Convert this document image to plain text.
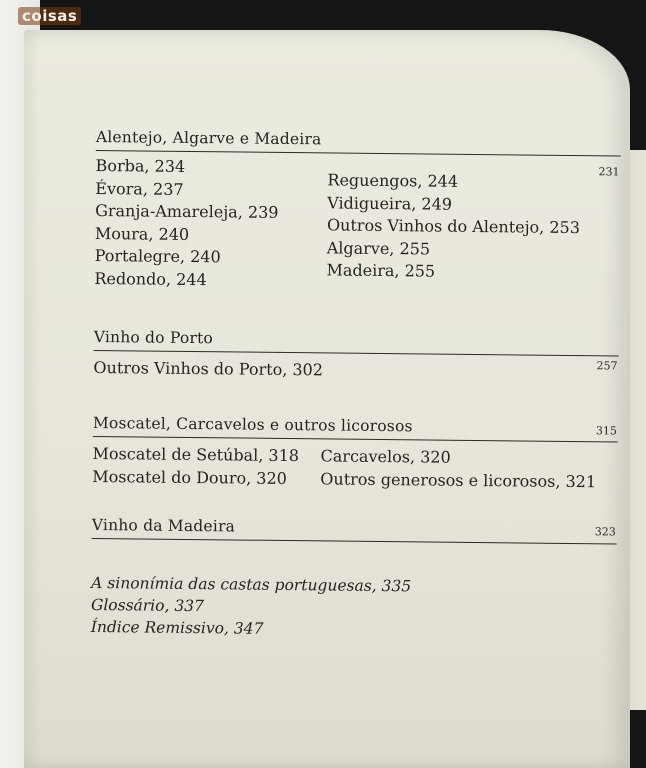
coisas
Alentejo, Algarve e Madeira
231
Borba, 234
Évora, 237
Granja-Amareleja, 239
Moura, 240
Portalegre, 240
Redondo, 244
Reguengos, 244
Vidigueira, 249
Outros Vinhos do Alentejo, 253
Algarve, 255
Madeira, 255
Vinho do Porto
257
Outros Vinhos do Porto, 302
Moscatel, Carcavelos e outros licorosos	315
Moscatel de Setúbal, 318
Moscatel do Douro, 320
Carcavelos, 320
Outros generosos e licorosos, 321
Vinho da Madeira	323
A sinonímia das castas portuguesas, 335
Glossário, 337
Índice Remissivo, 347
